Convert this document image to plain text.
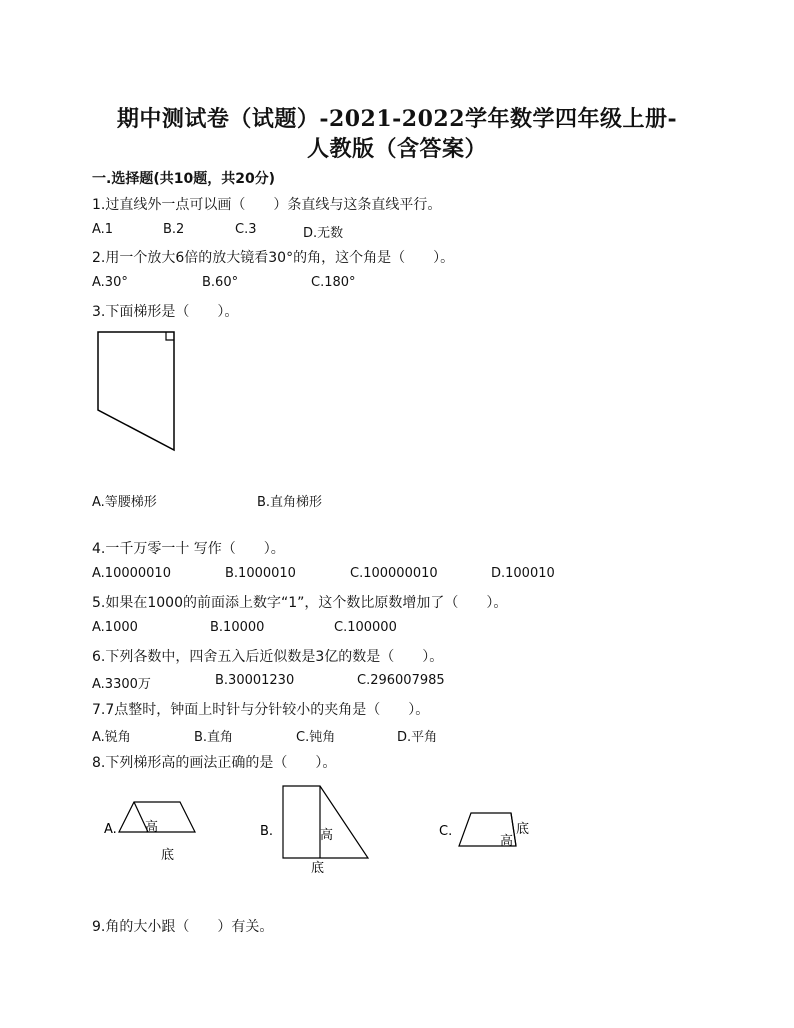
期中测试卷（试题）-2021-2022学年数学四年级上册-
人教版（含答案）
一.选择题(共10题，共20分)
1.过直线外一点可以画（　　）条直线与这条直线平行。
A.1	B.2	C.3	D.无数
2.用一个放大6倍的放大镜看30°的角，这个角是（　　）。
A.30°	B.60°	C.180°
3.下面梯形是（　　）。
A.等腰梯形	B.直角梯形
4.一千万零一十 写作（　　）。
A.10000010	B.1000010	C.100000010	D.100010
5.如果在1000的前面添上数字“1”，这个数比原数增加了（　　）。
A.1000	B.10000	C.100000
6.下列各数中，四舍五入后近似数是3亿的数是（　　）。
A.3300万	B.30001230	C.296007985
7.7点整时，钟面上时针与分针较小的夹角是（　　）。
A.锐角	B.直角	C.钝角	D.平角
8.下列梯形高的画法正确的是（　　）。
A. 高
底
B.	高
底
C.	底
高
9.角的大小跟（　　）有关。
